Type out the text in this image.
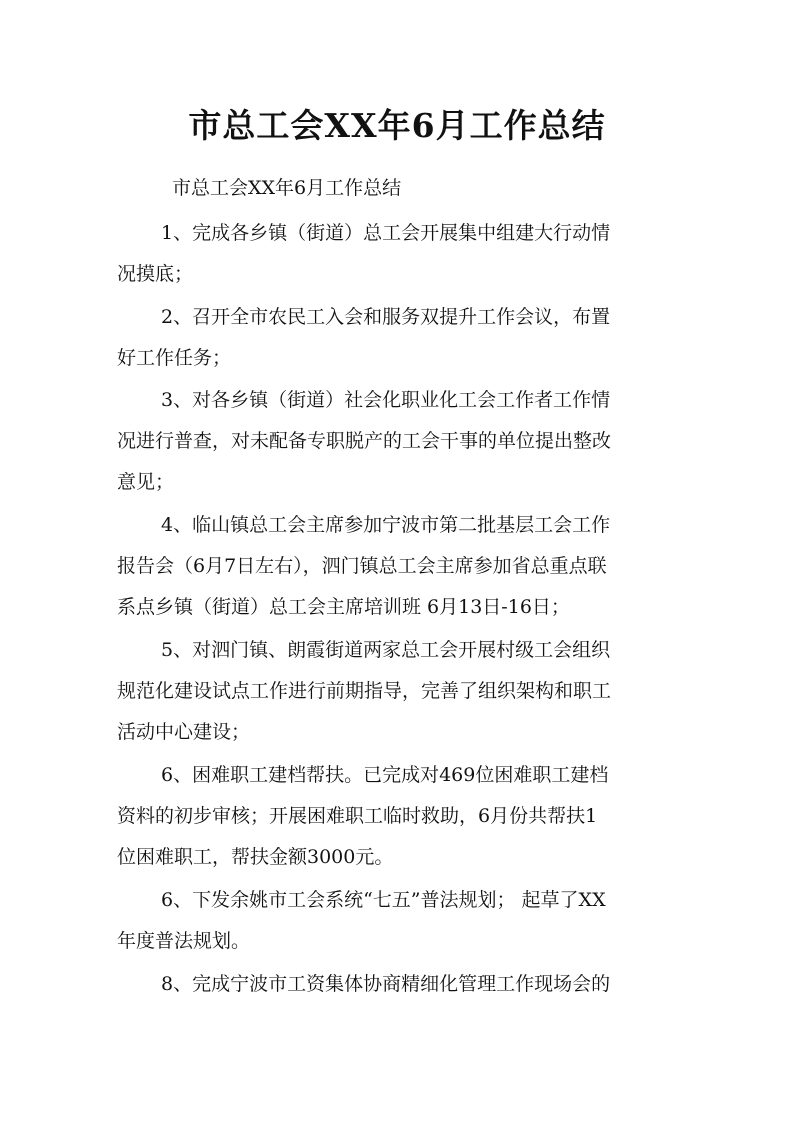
市总工会XX年6月工作总结
市总工会XX年6月工作总结
1、完成各乡镇（街道）总工会开展集中组建大行动情
况摸底；
2、召开全市农民工入会和服务双提升工作会议，布置
好工作任务；
3、对各乡镇（街道）社会化职业化工会工作者工作情
况进行普查，对未配备专职脱产的工会干事的单位提出整改
意见；
4、临山镇总工会主席参加宁波市第二批基层工会工作
报告会（6月7日左右），泗门镇总工会主席参加省总重点联
系点乡镇（街道）总工会主席培训班 6月13日-16日；
5、对泗门镇、朗霞街道两家总工会开展村级工会组织
规范化建设试点工作进行前期指导，完善了组织架构和职工
活动中心建设；
6、困难职工建档帮扶。已完成对469位困难职工建档
资料的初步审核；开展困难职工临时救助，6月份共帮扶1
位困难职工，帮扶金额3000元。
6、下发余姚市工会系统“七五”普法规划； 起草了XX
年度普法规划。
8、完成宁波市工资集体协商精细化管理工作现场会的
